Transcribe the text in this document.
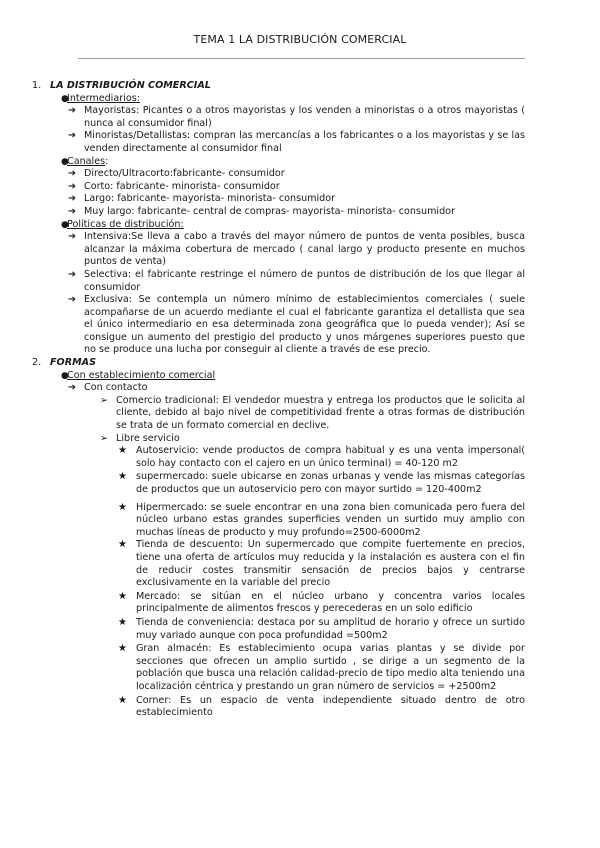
TEMA 1 LA DISTRIBUCIÓN COMERCIAL
1. LA DISTRIBUCIÓN COMERCIAL
●
Intermediarios:
➔ Mayoristas: Picantes o a otros mayoristas y los venden a minoristas o a otros mayoristas ( nunca al consumidor final)
➔ Minoristas/Detallistas: compran las mercancías a los fabricantes o a los mayoristas y se las venden directamente al consumidor final
●
Canales:
➔ Directo/Ultracorto:fabricante- consumidor
➔ Corto: fabricante- minorista- consumidor
➔ Largo: fabricante- mayorista- minorista- consumidor
➔ Muy largo: fabricante- central de compras- mayorista- minorista- consumidor
●
Políticas de distribución:
➔ Intensiva:Se lleva a cabo a través del mayor número de puntos de venta posibles, busca alcanzar la máxima cobertura de mercado ( canal largo y producto presente en muchos puntos de venta)
➔ Selectiva: el fabricante restringe el número de puntos de distribución de los que llegar al consumidor
➔ Exclusiva: Se contempla un número mínimo de establecimientos comerciales ( suele acompañarse de un acuerdo mediante el cual el fabricante garantiza el detallista que sea el único intermediario en esa determinada zona geográfica que lo pueda vender); Así se consigue un aumento del prestigio del producto y unos márgenes superiores puesto que no se produce una lucha por conseguir al cliente a través de ese precio.
2. FORMAS
●
Con establecimiento comercial
➔ Con contacto
➢ Comercio tradicional: El vendedor muestra y entrega los productos que le solicita al cliente, debido al bajo nivel de competitividad frente a otras formas de distribución se trata de un formato comercial en declive.
➢ Libre servicio
★ Autoservicio: vende productos de compra habitual y es una venta impersonal( solo hay contacto con el cajero en un único terminal) = 40-120 m2
★ supermercado: suele ubicarse en zonas urbanas y vende las mismas categorías de productos que un autoservicio pero con mayor surtido = 120-400m2
★ Hipermercado: se suele encontrar en una zona bien comunicada pero fuera del núcleo urbano estas grandes superficies venden un surtido muy amplio con muchas líneas de producto y muy profundo=2500-6000m2
★ Tienda de descuento: Un supermercado que compite fuertemente en precios, tiene una oferta de artículos muy reducida y la instalación es austera con el fin de reducir costes transmitir sensación de precios bajos y centrarse exclusivamente en la variable del precio
★ Mercado: se sitúan en el núcleo urbano y concentra varios locales principalmente de alimentos frescos y perecederas en un solo edificio
★ Tienda de conveniencia: destaca por su amplitud de horario y ofrece un surtido muy variado aunque con poca profundidad =500m2
★ Gran almacén: Es establecimiento ocupa varias plantas y se divide por secciones que ofrecen un amplio surtido , se dirige a un segmento de la población que busca una relación calidad-precio de tipo medio alta teniendo una localización céntrica y prestando un gran número de servicios = +2500m2
★ Corner: Es un espacio de venta independiente situado dentro de otro establecimiento
